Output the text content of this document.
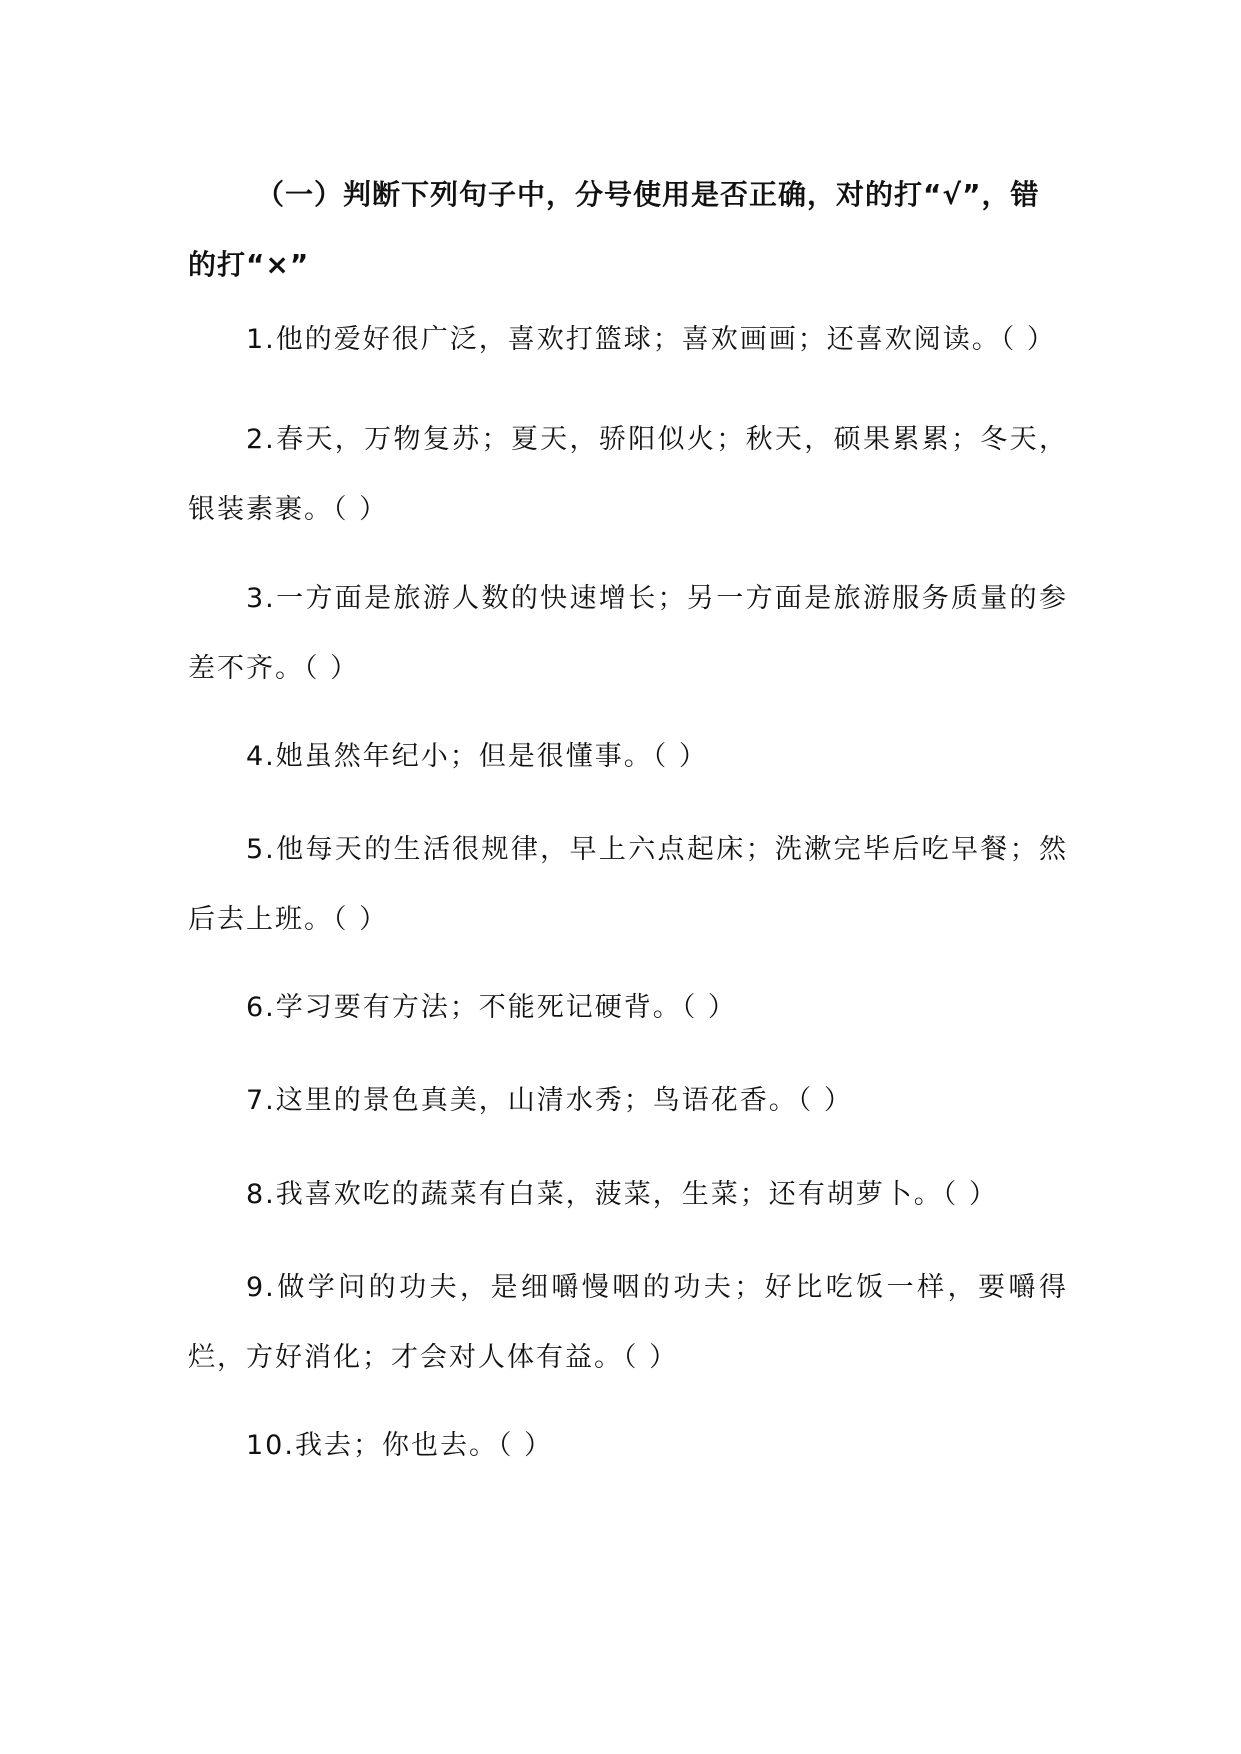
（一）判断下列句子中，分号使用是否正确，对的打“√”，错的打“×”
1.他的爱好很广泛，喜欢打篮球；喜欢画画；还喜欢阅读。（ ）
2.春天，万物复苏；夏天，骄阳似火；秋天，硕果累累；冬天，银装素裹。（ ）
3.一方面是旅游人数的快速增长；另一方面是旅游服务质量的参差不齐。（ ）
4.她虽然年纪小；但是很懂事。（ ）
5.他每天的生活很规律，早上六点起床；洗漱完毕后吃早餐；然后去上班。（ ）
6.学习要有方法；不能死记硬背。（ ）
7.这里的景色真美，山清水秀；鸟语花香。（ ）
8.我喜欢吃的蔬菜有白菜，菠菜，生菜；还有胡萝卜。（ ）
9.做学问的功夫，是细嚼慢咽的功夫；好比吃饭一样，要嚼得烂，方好消化；才会对人体有益。（ ）
10.我去；你也去。（ ）
